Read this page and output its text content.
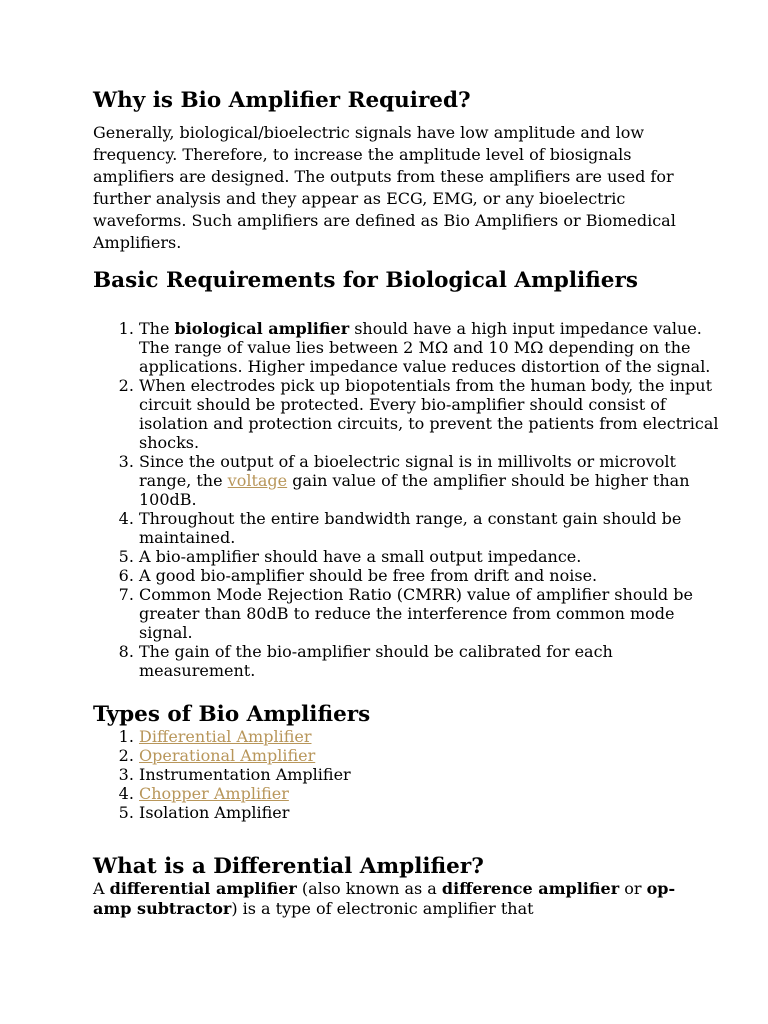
Why is Bio Amplifier Required?

Generally, biological/bioelectric signals have low amplitude and low frequency. Therefore, to increase the amplitude level of biosignals amplifiers are designed. The outputs from these amplifiers are used for further analysis and they appear as ECG, EMG, or any bioelectric waveforms. Such amplifiers are defined as Bio Amplifiers or Biomedical Amplifiers.

Basic Requirements for Biological Amplifiers
1. The biological amplifier should have a high input impedance value. The range of value lies between 2 MΩ and 10 MΩ depending on the applications. Higher impedance value reduces distortion of the signal.
2. When electrodes pick up biopotentials from the human body, the input circuit should be protected. Every bio-amplifier should consist of isolation and protection circuits, to prevent the patients from electrical shocks.
3. Since the output of a bioelectric signal is in millivolts or microvolt range, the voltage gain value of the amplifier should be higher than 100dB.
4. Throughout the entire bandwidth range, a constant gain should be maintained.
5. A bio-amplifier should have a small output impedance.
6. A good bio-amplifier should be free from drift and noise.
7. Common Mode Rejection Ratio (CMRR) value of amplifier should be greater than 80dB to reduce the interference from common mode signal.
8. The gain of the bio-amplifier should be calibrated for each measurement.
Types of Bio Amplifiers
1. Differential Amplifier
2. Operational Amplifier
3. Instrumentation Amplifier
4. Chopper Amplifier
5. Isolation Amplifier
What is a Differential Amplifier?

A differential amplifier (also known as a difference amplifier or op-amp subtractor) is a type of electronic amplifier that
